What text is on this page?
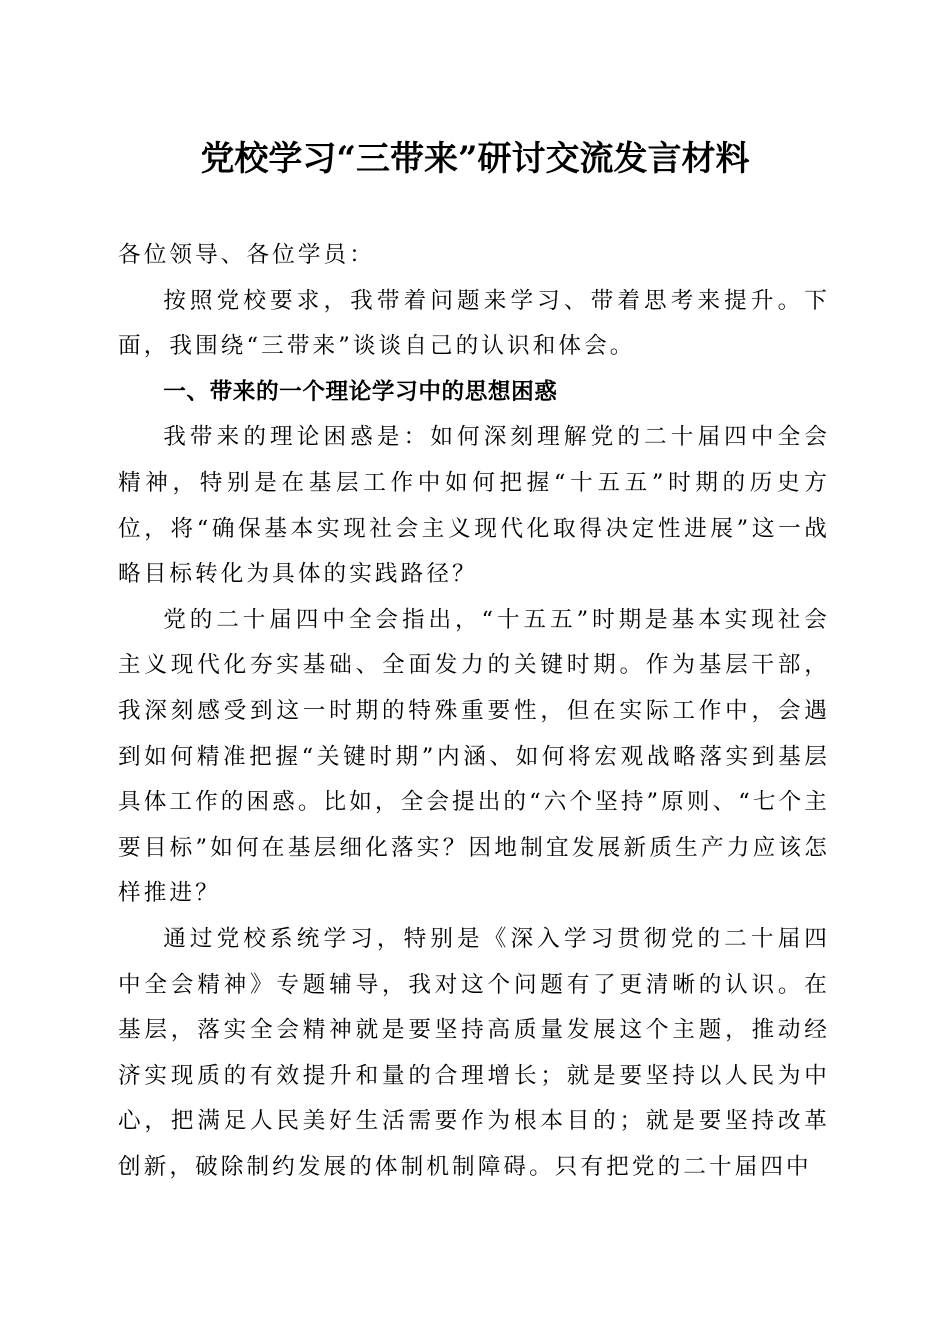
党校学习“三带来”研讨交流发言材料

各位领导、各位学员：

按照党校要求，我带着问题来学习、带着思考来提升。下面，我围绕“三带来”谈谈自己的认识和体会。

一、带来的一个理论学习中的思想困惑

我带来的理论困惑是：如何深刻理解党的二十届四中全会精神，特别是在基层工作中如何把握“十五五”时期的历史方位，将“确保基本实现社会主义现代化取得决定性进展”这一战略目标转化为具体的实践路径？

党的二十届四中全会指出，“十五五”时期是基本实现社会主义现代化夯实基础、全面发力的关键时期。作为基层干部，我深刻感受到这一时期的特殊重要性，但在实际工作中，会遇到如何精准把握“关键时期”内涵、如何将宏观战略落实到基层具体工作的困惑。比如，全会提出的“六个坚持”原则、“七个主要目标”如何在基层细化落实？因地制宜发展新质生产力应该怎样推进？

通过党校系统学习，特别是《深入学习贯彻党的二十届四中全会精神》专题辅导，我对这个问题有了更清晰的认识。在基层，落实全会精神就是要坚持高质量发展这个主题，推动经济实现质的有效提升和量的合理增长；就是要坚持以人民为中心，把满足人民美好生活需要作为根本目的；就是要坚持改革创新，破除制约发展的体制机制障碍。只有把党的二十届四中
